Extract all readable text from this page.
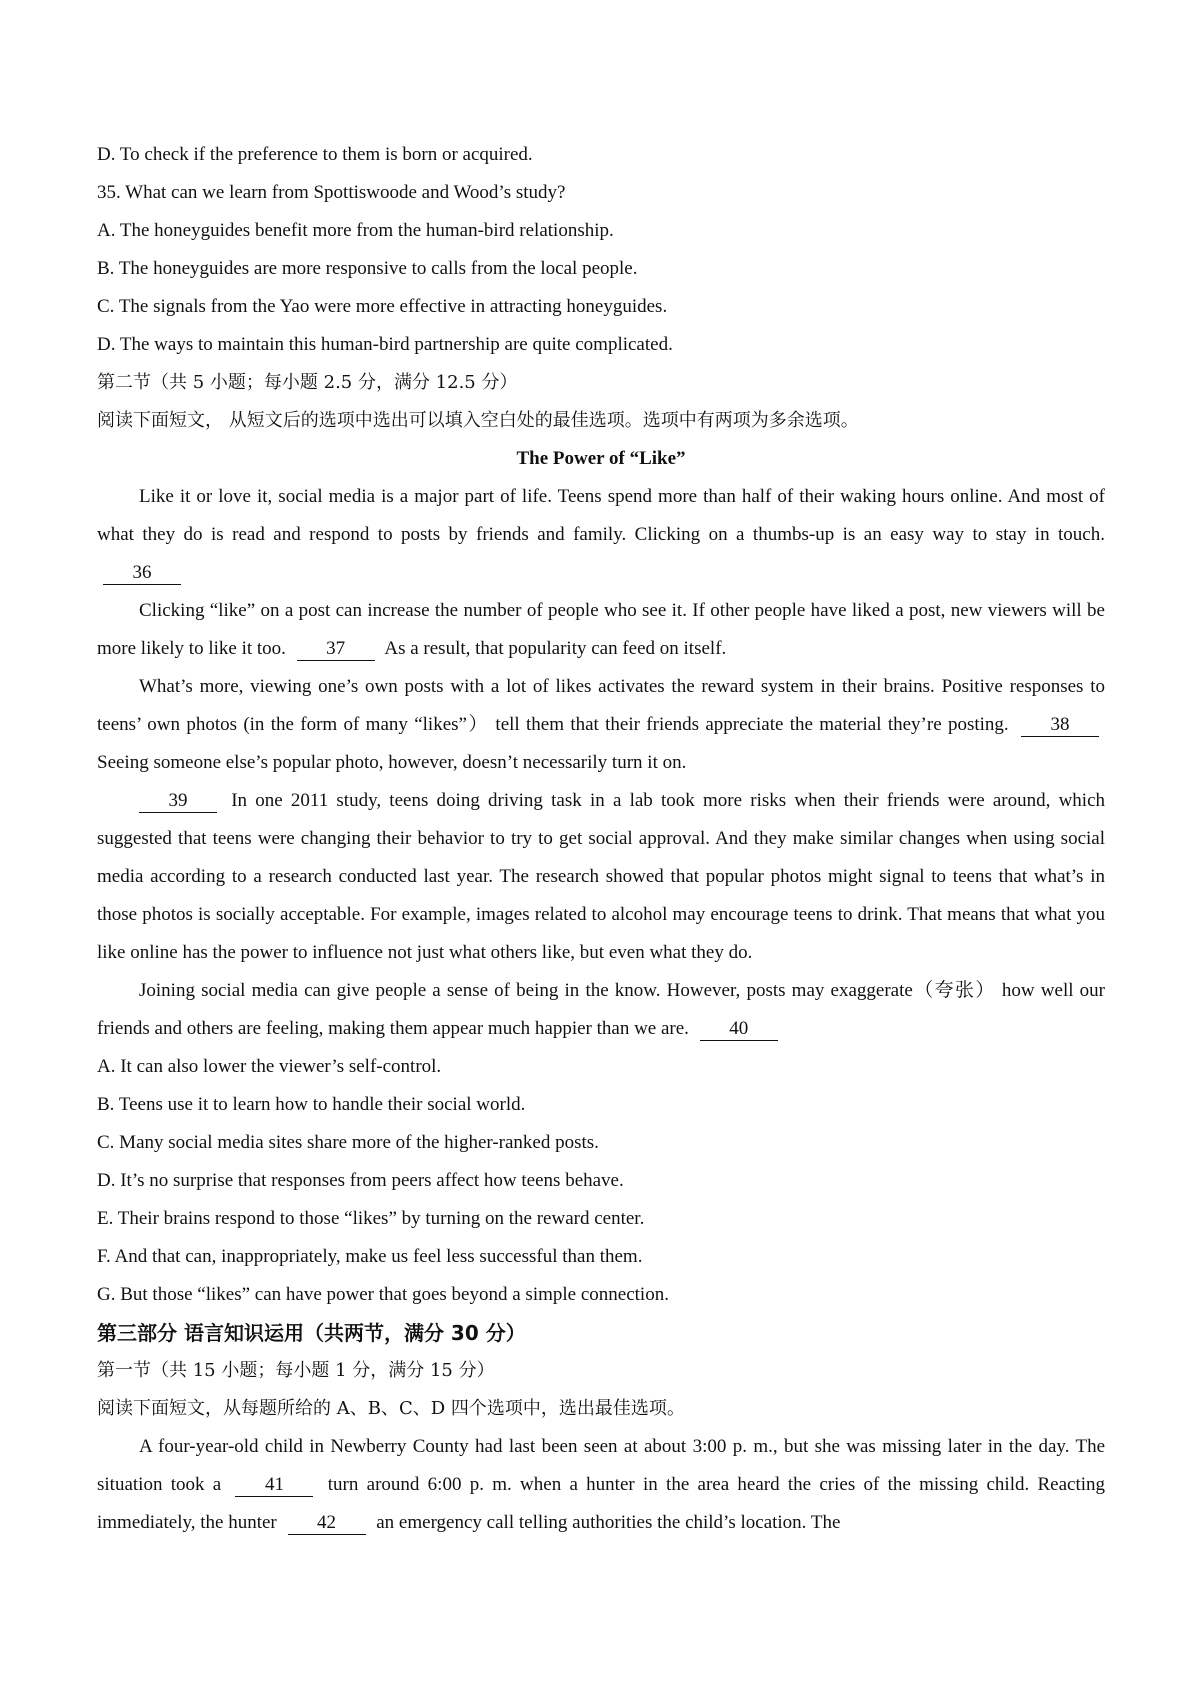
D. To check if the preference to them is born or acquired.

35. What can we learn from Spottiswoode and Wood’s study?

A. The honeyguides benefit more from the human-bird relationship.

B. The honeyguides are more responsive to calls from the local people.

C. The signals from the Yao were more effective in attracting honeyguides.

D. The ways to maintain this human-bird partnership are quite complicated.

第二节（共 5 小题；每小题 2.5 分，满分 12.5 分）

阅读下面短文， 从短文后的选项中选出可以填入空白处的最佳选项。选项中有两项为多余选项。

The Power of “Like”

Like it or love it, social media is a major part of life. Teens spend more than half of their waking hours online. And most of what they do is read and respond to posts by friends and family. Clicking on a thumbs-up is an easy way to stay in touch. 36

Clicking “like” on a post can increase the number of people who see it. If other people have liked a post, new viewers will be more likely to like it too. 37 As a result, that popularity can feed on itself.

What’s more, viewing one’s own posts with a lot of likes activates the reward system in their brains. Positive responses to teens’ own photos (in the form of many “likes”） tell them that their friends appreciate the material they’re posting. 38 Seeing someone else’s popular photo, however, doesn’t necessarily turn it on.

39 In one 2011 study, teens doing driving task in a lab took more risks when their friends were around, which suggested that teens were changing their behavior to try to get social approval. And they make similar changes when using social media according to a research conducted last year. The research showed that popular photos might signal to teens that what’s in those photos is socially acceptable. For example, images related to alcohol may encourage teens to drink. That means that what you like online has the power to influence not just what others like, but even what they do.

Joining social media can give people a sense of being in the know. However, posts may exaggerate（夸张） how well our friends and others are feeling, making them appear much happier than we are. 40

A. It can also lower the viewer’s self-control.

B. Teens use it to learn how to handle their social world.

C. Many social media sites share more of the higher-ranked posts.

D. It’s no surprise that responses from peers affect how teens behave.

E. Their brains respond to those “likes” by turning on the reward center.

F. And that can, inappropriately, make us feel less successful than them.

G. But those “likes” can have power that goes beyond a simple connection.

第三部分 语言知识运用（共两节，满分 30 分）

第一节（共 15 小题；每小题 1 分，满分 15 分）

阅读下面短文，从每题所给的 A、B、C、D 四个选项中，选出最佳选项。

A four-year-old child in Newberry County had last been seen at about 3:00 p. m., but she was missing later in the day. The situation took a 41 turn around 6:00 p. m. when a hunter in the area heard the cries of the missing child. Reacting immediately, the hunter 42 an emergency call telling authorities the child’s location. The
